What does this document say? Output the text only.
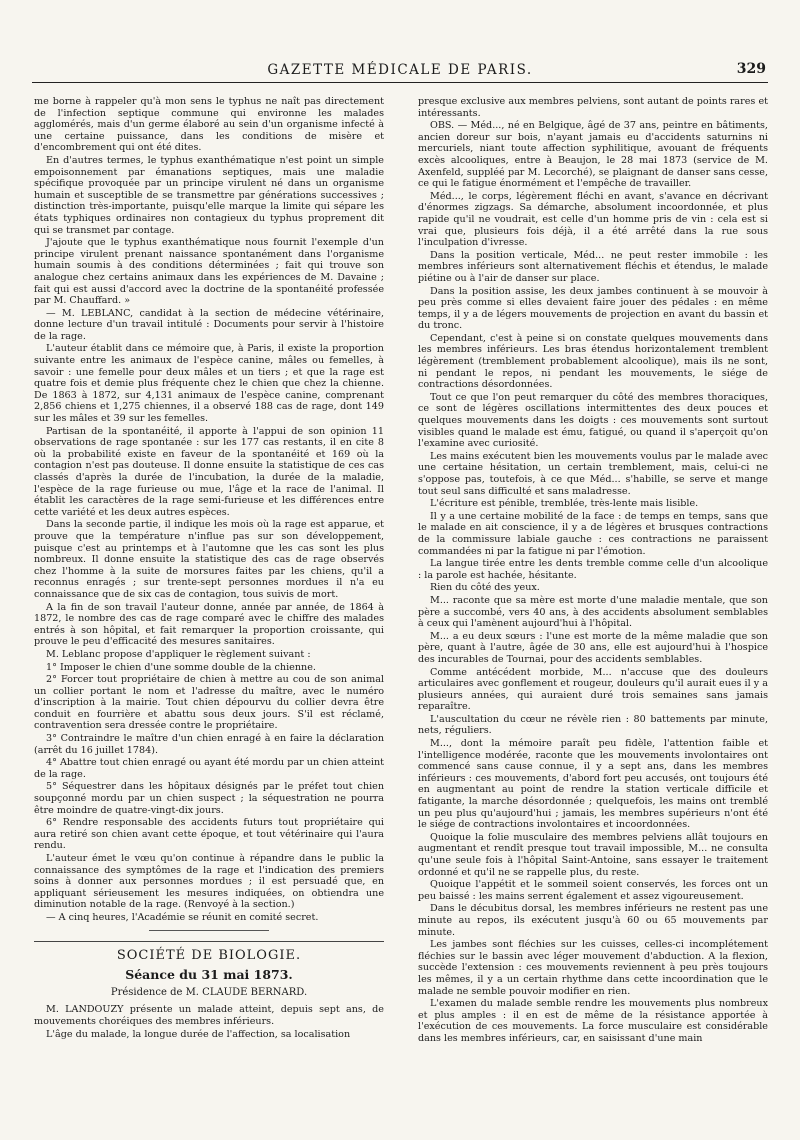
GAZETTE MÉDICALE DE PARIS.	329

me borne à rappeler qu'à mon sens le typhus ne naît pas directement de l'infection septique commune qui environne les malades agglomérés, mais d'un germe élaboré au sein d'un organisme infecté à une certaine puissance, dans les conditions de misère et d'encombrement qui ont été dites.

En d'autres termes, le typhus exanthématique n'est point un simple empoisonnement par émanations septiques, mais une maladie spécifique provoquée par un principe virulent né dans un organisme humain et susceptible de se transmettre par générations successives ; distinction très-importante, puisqu'elle marque la limite qui sépare les états typhiques ordinaires non contagieux du typhus proprement dit qui se transmet par contage.

J'ajoute que le typhus exanthématique nous fournit l'exemple d'un principe virulent prenant naissance spontanément dans l'organisme humain soumis à des conditions déterminées ; fait qui trouve son analogue chez certains animaux dans les expériences de M. Davaine ; fait qui est aussi d'accord avec la doctrine de la spontanéité professée par M. Chauffard. »

— M. LEBLANC, candidat à la section de médecine vétérinaire, donne lecture d'un travail intitulé : Documents pour servir à l'histoire de la rage.

L'auteur établit dans ce mémoire que, à Paris, il existe la proportion suivante entre les animaux de l'espèce canine, mâles ou femelles, à savoir : une femelle pour deux mâles et un tiers ; et que la rage est quatre fois et demie plus fréquente chez le chien que chez la chienne. De 1863 à 1872, sur 4,131 animaux de l'espèce canine, comprenant 2,856 chiens et 1,275 chiennes, il a observé 188 cas de rage, dont 149 sur les mâles et 39 sur les femelles.

Partisan de la spontanéité, il apporte à l'appui de son opinion 11 observations de rage spontanée : sur les 177 cas restants, il en cite 8 où la probabilité existe en faveur de la spontanéité et 169 où la contagion n'est pas douteuse. Il donne ensuite la statistique de ces cas classés d'après la durée de l'incubation, la durée de la maladie, l'espèce de la rage furieuse ou mue, l'âge et la race de l'animal. Il établit les caractères de la rage semi-furieuse et les différences entre cette variété et les deux autres espèces.

Dans la seconde partie, il indique les mois où la rage est apparue, et prouve que la température n'influe pas sur son développement, puisque c'est au printemps et à l'automne que les cas sont les plus nombreux. Il donne ensuite la statistique des cas de rage observés chez l'homme à la suite de morsures faites par les chiens, qu'il a reconnus enragés ; sur trente-sept personnes mordues il n'a eu connaissance que de six cas de contagion, tous suivis de mort.

A la fin de son travail l'auteur donne, année par année, de 1864 à 1872, le nombre des cas de rage comparé avec le chiffre des malades entrés à son hôpital, et fait remarquer la proportion croissante, qui prouve le peu d'efficacité des mesures sanitaires.

M. Leblanc propose d'appliquer le règlement suivant :

1° Imposer le chien d'une somme double de la chienne.

2° Forcer tout propriétaire de chien à mettre au cou de son animal un collier portant le nom et l'adresse du maître, avec le numéro d'inscription à la mairie. Tout chien dépourvu du collier devra être conduit en fourrière et abattu sous deux jours. S'il est réclamé, contravention sera dressée contre le propriétaire.

3° Contraindre le maître d'un chien enragé à en faire la déclaration (arrêt du 16 juillet 1784).

4° Abattre tout chien enragé ou ayant été mordu par un chien atteint de la rage.

5° Séquestrer dans les hôpitaux désignés par le préfet tout chien soupçonné mordu par un chien suspect ; la séquestration ne pourra être moindre de quatre-vingt-dix jours.

6° Rendre responsable des accidents futurs tout propriétaire qui aura retiré son chien avant cette époque, et tout vétérinaire qui l'aura rendu.

L'auteur émet le vœu qu'on continue à répandre dans le public la connaissance des symptômes de la rage et l'indication des premiers soins à donner aux personnes mordues ; il est persuadé que, en appliquant sérieusement les mesures indiquées, on obtiendra une diminution notable de la rage. (Renvoyé à la section.)

— A cinq heures, l'Académie se réunit en comité secret.

SOCIÉTÉ DE BIOLOGIE.
Séance du 31 mai 1873.
Présidence de M. CLAUDE BERNARD.

M. LANDOUZY présente un malade atteint, depuis sept ans, de mouvements choréiques des membres inférieurs.

L'âge du malade, la longue durée de l'affection, sa localisation

presque exclusive aux membres pelviens, sont autant de points rares et intéressants.

OBS. — Méd..., né en Belgique, âgé de 37 ans, peintre en bâtiments, ancien doreur sur bois, n'ayant jamais eu d'accidents saturnins ni mercuriels, niant toute affection syphilitique, avouant de fréquents excès alcooliques, entre à Beaujon, le 28 mai 1873 (service de M. Axenfeld, suppléé par M. Lecorché), se plaignant de danser sans cesse, ce qui le fatigue énormément et l'empêche de travailler.

Méd..., le corps, légèrement fléchi en avant, s'avance en décrivant d'énormes zigzags. Sa démarche, absolument incoordonnée, et plus rapide qu'il ne voudrait, est celle d'un homme pris de vin : cela est si vrai que, plusieurs fois déjà, il a été arrêté dans la rue sous l'inculpation d'ivresse.

Dans la position verticale, Méd... ne peut rester immobile : les membres inférieurs sont alternativement fléchis et étendus, le malade piétine ou à l'air de danser sur place.

Dans la position assise, les deux jambes continuent à se mouvoir à peu près comme si elles devaient faire jouer des pédales : en même temps, il y a de légers mouvements de projection en avant du bassin et du tronc.

Cependant, c'est à peine si on constate quelques mouvements dans les membres inférieurs. Les bras étendus horizontalement tremblent légèrement (tremblement probablement alcoolique), mais ils ne sont, ni pendant le repos, ni pendant les mouvements, le siége de contractions désordonnées.

Tout ce que l'on peut remarquer du côté des membres thoraciques, ce sont de légères oscillations intermittentes des deux pouces et quelques mouvements dans les doigts : ces mouvements sont surtout visibles quand le malade est ému, fatigué, ou quand il s'aperçoit qu'on l'examine avec curiosité.

Les mains exécutent bien les mouvements voulus par le malade avec une certaine hésitation, un certain tremblement, mais, celui-ci ne s'oppose pas, toutefois, à ce que Méd... s'habille, se serve et mange tout seul sans difficulté et sans maladresse.

L'écriture est pénible, tremblée, très-lente mais lisible.

Il y a une certaine mobilité de la face : de temps en temps, sans que le malade en ait conscience, il y a de légères et brusques contractions de la commissure labiale gauche : ces contractions ne paraissent commandées ni par la fatigue ni par l'émotion.

La langue tirée entre les dents tremble comme celle d'un alcoolique : la parole est hachée, hésitante.

Rien du côté des yeux.

M... raconte que sa mère est morte d'une maladie mentale, que son père a succombé, vers 40 ans, à des accidents absolument semblables à ceux qui l'amènent aujourd'hui à l'hôpital.

M... a eu deux sœurs : l'une est morte de la même maladie que son père, quant à l'autre, âgée de 30 ans, elle est aujourd'hui à l'hospice des incurables de Tournai, pour des accidents semblables.

Comme antécédent morbide, M... n'accuse que des douleurs articulaires avec gonflement et rougeur, douleurs qu'il aurait eues il y a plusieurs années, qui auraient duré trois semaines sans jamais reparaître.

L'auscultation du cœur ne révèle rien : 80 battements par minute, nets, réguliers.

M..., dont la mémoire paraît peu fidèle, l'attention faible et l'intelligence modérée, raconte que les mouvements involontaires ont commencé sans cause connue, il y a sept ans, dans les membres inférieurs : ces mouvements, d'abord fort peu accusés, ont toujours été en augmentant au point de rendre la station verticale difficile et fatigante, la marche désordonnée ; quelquefois, les mains ont tremblé un peu plus qu'aujourd'hui ; jamais, les membres supérieurs n'ont été le siége de contractions involontaires et incoordonnées.

Quoique la folie musculaire des membres pelviens allât toujours en augmentant et rendît presque tout travail impossible, M... ne consulta qu'une seule fois à l'hôpital Saint-Antoine, sans essayer le traitement ordonné et qu'il ne se rappelle plus, du reste.

Quoique l'appétit et le sommeil soient conservés, les forces ont un peu baissé : les mains serrent également et assez vigoureusement.

Dans le décubitus dorsal, les membres inférieurs ne restent pas une minute au repos, ils exécutent jusqu'à 60 ou 65 mouvements par minute.

Les jambes sont fléchies sur les cuisses, celles-ci incomplétement fléchies sur le bassin avec léger mouvement d'abduction. A la flexion, succède l'extension : ces mouvements reviennent à peu près toujours les mêmes, il y a un certain rhythme dans cette incoordination que le malade ne semble pouvoir modifier en rien.

L'examen du malade semble rendre les mouvements plus nombreux et plus amples : il en est de même de la résistance apportée à l'exécution de ces mouvements. La force musculaire est considérable dans les membres inférieurs, car, en saisissant d'une main
